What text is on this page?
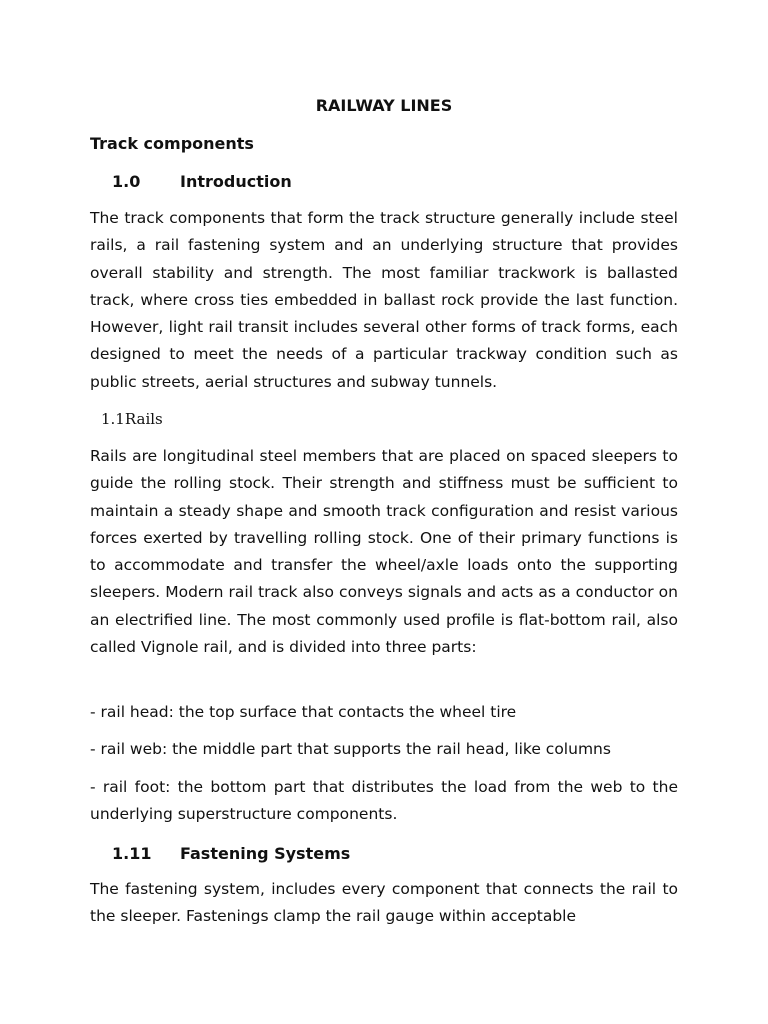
RAILWAY LINES
Track components
1.0	Introduction

The track components that form the track structure generally include steel rails, a rail fastening system and an underlying structure that provides overall stability and strength. The most familiar trackwork is ballasted track, where cross ties embedded in ballast rock provide the last function. However, light rail transit includes several other forms of track forms, each designed to meet the needs of a particular trackway condition such as public streets, aerial structures and subway tunnels.

1.1Rails

Rails are longitudinal steel members that are placed on spaced sleepers to guide the rolling stock. Their strength and stiffness must be sufficient to maintain a steady shape and smooth track configuration and resist various forces exerted by travelling rolling stock. One of their primary functions is to accommodate and transfer the wheel/axle loads onto the supporting sleepers. Modern rail track also conveys signals and acts as a conductor on an electrified line. The most commonly used profile is flat-bottom rail, also called Vignole rail, and is divided into three parts:

- rail head: the top surface that contacts the wheel tire

- rail web: the middle part that supports the rail head, like columns

- rail foot: the bottom part that distributes the load from the web to the underlying superstructure components.

1.11	Fastening Systems

The fastening system, includes every component that connects the rail to the sleeper. Fastenings clamp the rail gauge within acceptable
